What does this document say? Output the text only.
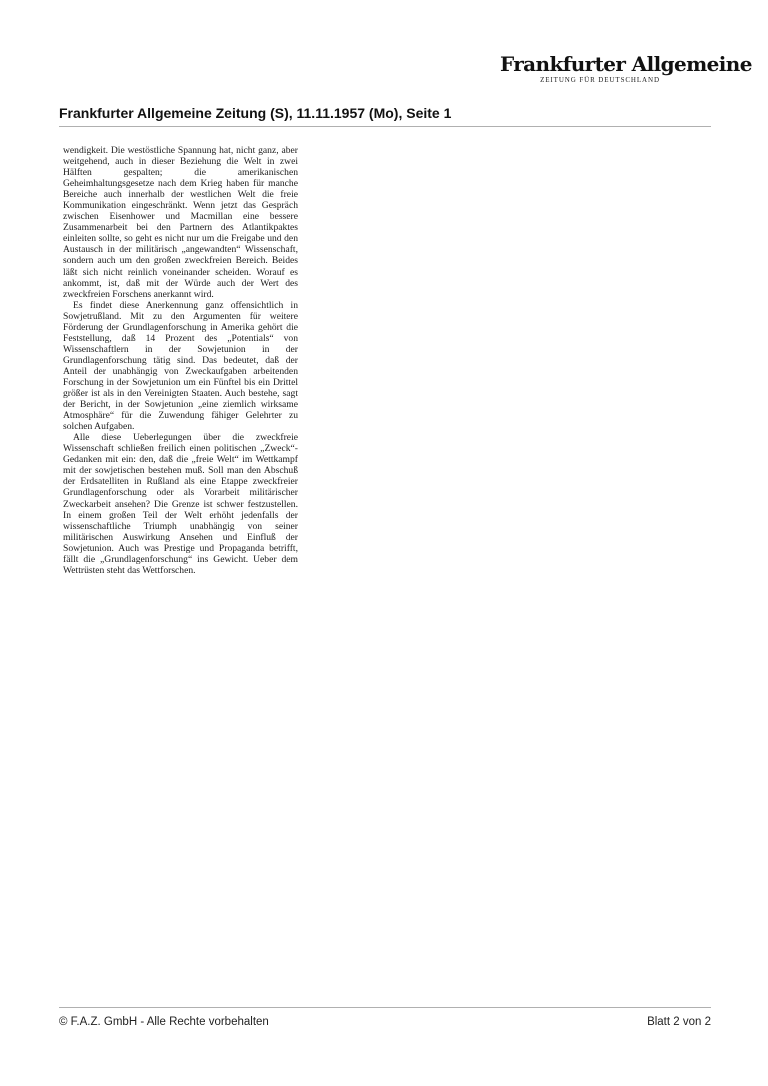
Frankfurter Allgemeine
ZEITUNG FÜR DEUTSCHLAND
Frankfurter Allgemeine Zeitung (S), 11.11.1957 (Mo), Seite 1

wendigkeit. Die westöstliche Spannung hat, nicht ganz, aber weitgehend, auch in dieser Beziehung die Welt in zwei Hälften gespalten; die amerikanischen Geheimhaltungsgesetze nach dem Krieg haben für manche Bereiche auch innerhalb der westlichen Welt die freie Kommunikation eingeschränkt. Wenn jetzt das Gespräch zwischen Eisenhower und Macmillan eine bessere Zusammenarbeit bei den Partnern des Atlantikpaktes einleiten sollte, so geht es nicht nur um die Freigabe und den Austausch in der militärisch „angewandten“ Wissenschaft, sondern auch um den großen zweckfreien Bereich. Beides läßt sich nicht reinlich voneinander scheiden. Worauf es ankommt, ist, daß mit der Würde auch der Wert des zweckfreien Forschens anerkannt wird.

Es findet diese Anerkennung ganz offensichtlich in Sowjetrußland. Mit zu den Argumenten für weitere Förderung der Grundlagenforschung in Amerika gehört die Feststellung, daß 14 Prozent des „Potentials“ von Wissenschaftlern in der Sowjetunion in der Grundlagenforschung tätig sind. Das bedeutet, daß der Anteil der unabhängig von Zweckaufgaben arbeitenden Forschung in der Sowjetunion um ein Fünftel bis ein Drittel größer ist als in den Vereinigten Staaten. Auch bestehe, sagt der Bericht, in der Sowjetunion „eine ziemlich wirksame Atmosphäre“ für die Zuwendung fähiger Gelehrter zu solchen Aufgaben.

Alle diese Ueberlegungen über die zweckfreie Wissenschaft schließen freilich einen politischen „Zweck“-Gedanken mit ein: den, daß die „freie Welt“ im Wettkampf mit der sowjetischen bestehen muß. Soll man den Abschuß der Erdsatelliten in Rußland als eine Etappe zweckfreier Grundlagenforschung oder als Vorarbeit militärischer Zweckarbeit ansehen? Die Grenze ist schwer festzustellen. In einem großen Teil der Welt erhöht jedenfalls der wissenschaftliche Triumph unabhängig von seiner militärischen Auswirkung Ansehen und Einfluß der Sowjetunion. Auch was Prestige und Propaganda betrifft, fällt die „Grundlagenforschung“ ins Gewicht. Ueber dem Wettrüsten steht das Wettforschen.

© F.A.Z. GmbH - Alle Rechte vorbehalten	Blatt 2 von 2
